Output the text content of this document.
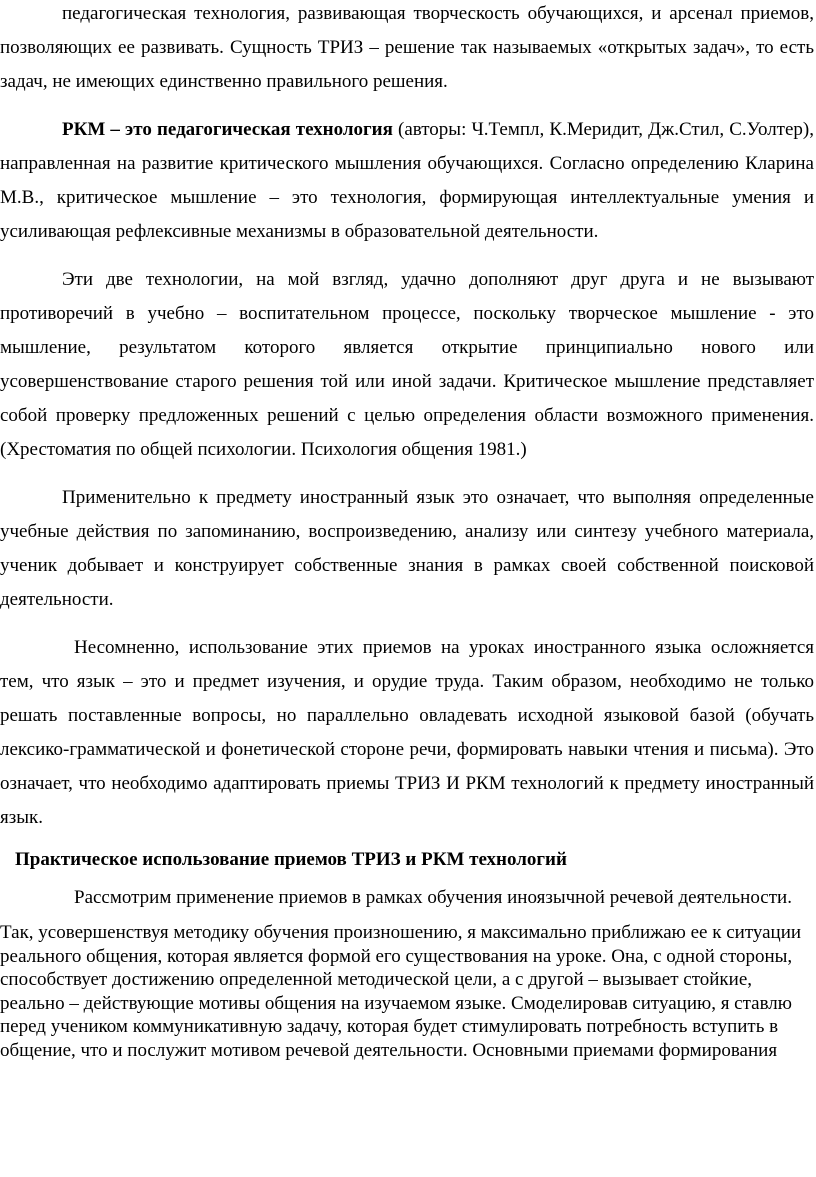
педагогическая технология, развивающая творческость обучающихся, и арсенал приемов, позволяющих ее развивать. Сущность ТРИЗ – решение так называемых «открытых задач», то есть задач, не имеющих единственно правильного решения.

РКМ – это педагогическая технология (авторы: Ч.Темпл, К.Меридит, Дж.Стил, С.Уолтер), направленная на развитие критического мышления обучающихся. Согласно определению Кларина М.В., критическое мышление – это технология, формирующая интеллектуальные умения и усиливающая рефлексивные механизмы в образовательной деятельности.

Эти две технологии, на мой взгляд, удачно дополняют друг друга и не вызывают противоречий в учебно – воспитательном процессе, поскольку творческое мышление - это мышление, результатом которого является открытие принципиально нового или усовершенствование старого решения той или иной задачи. Критическое мышление представляет собой проверку предложенных решений с целью определения области возможного применения. (Хрестоматия по общей психологии. Психология общения 1981.)

Применительно к предмету иностранный язык это означает, что выполняя определенные учебные действия по запоминанию, воспроизведению, анализу или синтезу учебного материала, ученик добывает и конструирует собственные знания в рамках своей собственной поисковой деятельности.

Несомненно, использование этих приемов на уроках иностранного языка осложняется тем, что язык – это и предмет изучения, и орудие труда. Таким образом, необходимо не только решать поставленные вопросы, но параллельно овладевать исходной языковой базой (обучать лексико-грамматической и фонетической стороне речи, формировать навыки чтения и письма). Это означает, что необходимо адаптировать приемы ТРИЗ И РКМ технологий к предмету иностранный язык.

Практическое использование приемов ТРИЗ и РКМ технологий

Рассмотрим применение приемов в рамках обучения иноязычной речевой деятельности.

Так, усовершенствуя методику обучения произношению, я максимально приближаю ее к ситуации реального общения, которая является формой его существования на уроке. Она, с одной стороны, способствует достижению определенной методической цели, а с другой – вызывает стойкие, реально – действующие мотивы общения на изучаемом языке. Смоделировав ситуацию, я ставлю перед учеником коммуникативную задачу, которая будет стимулировать потребность вступить в общение, что и послужит мотивом речевой деятельности. Основными приемами формирования
